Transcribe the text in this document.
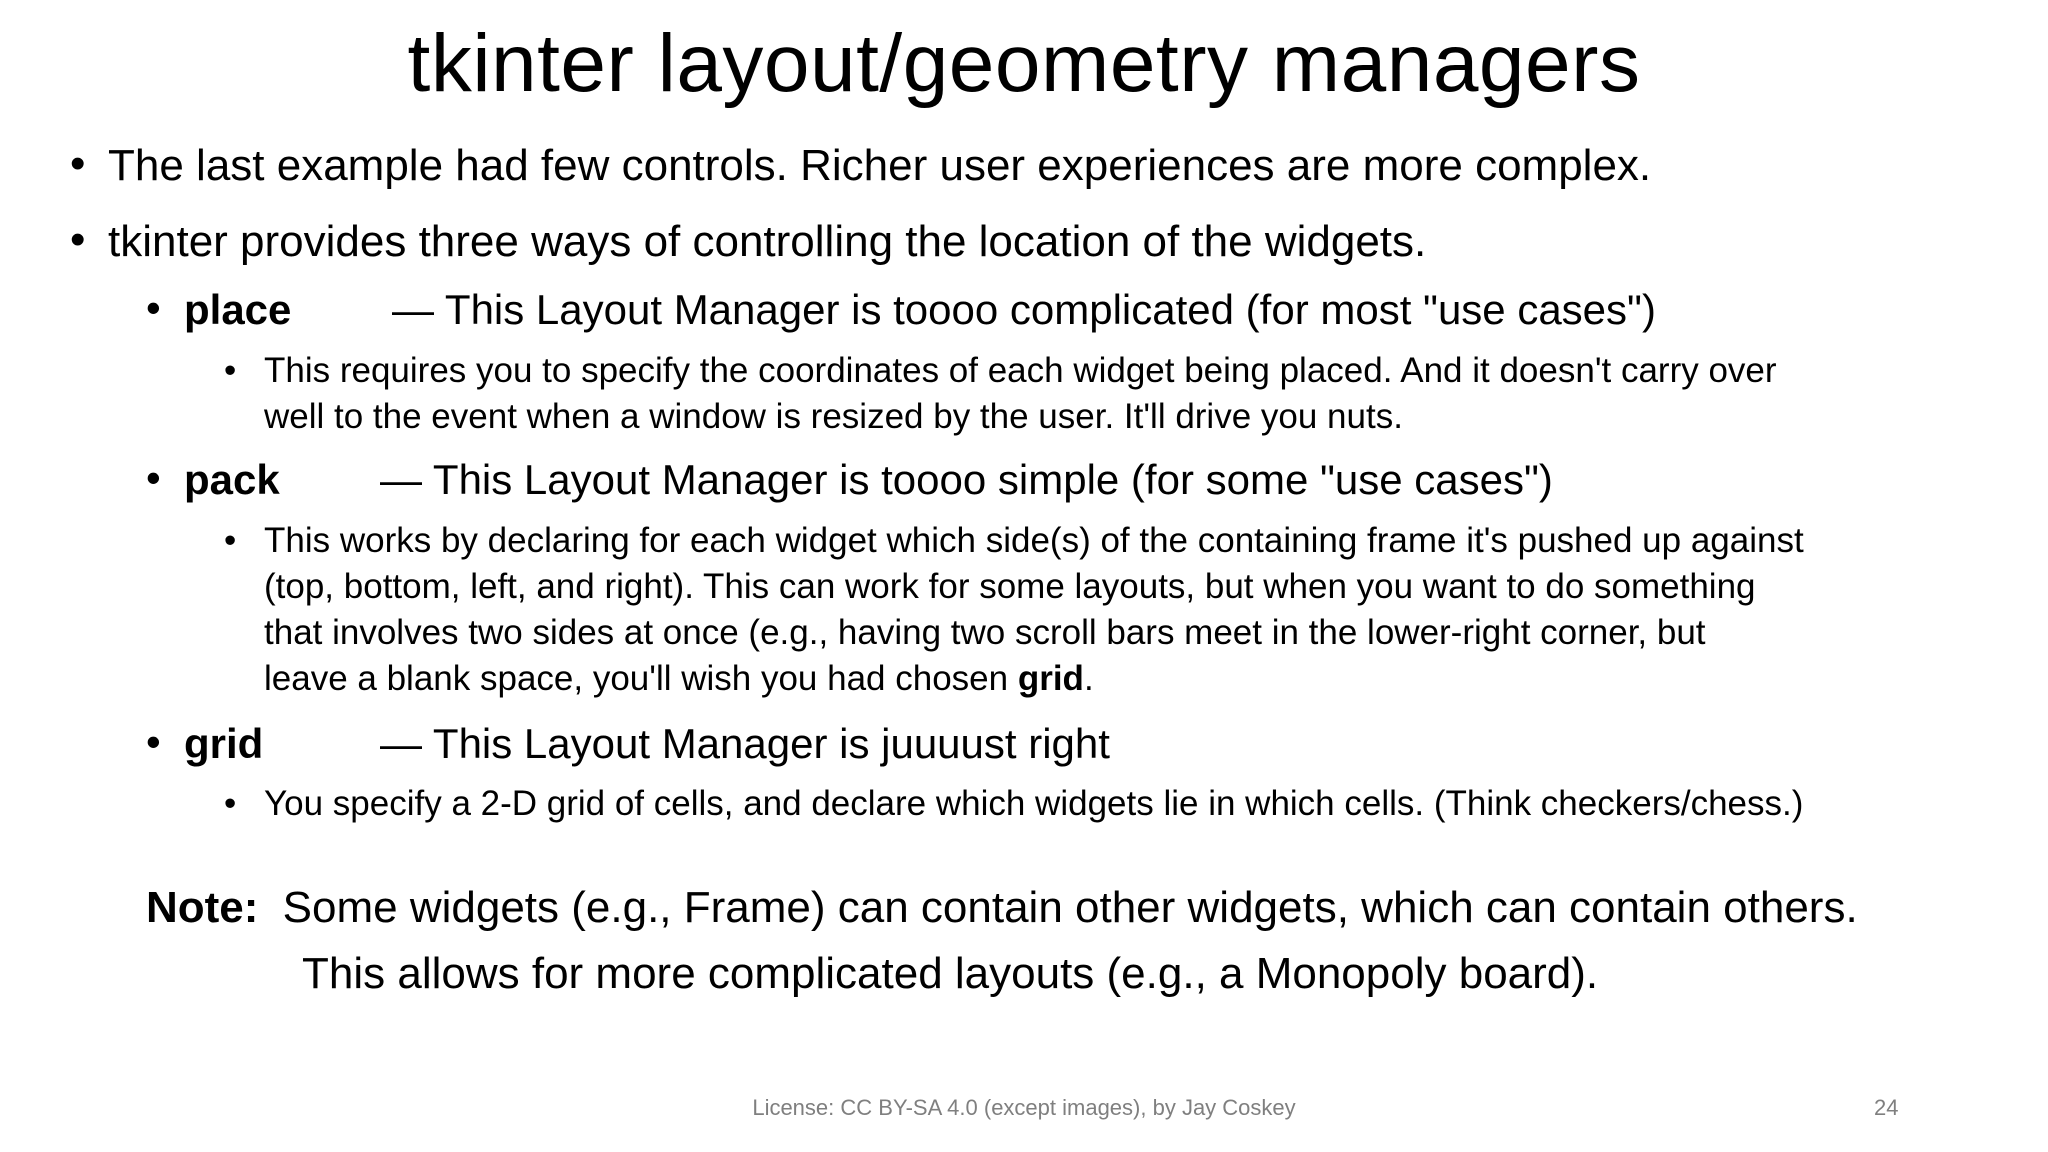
tkinter layout/geometry managers
• The last example had few controls. Richer user experiences are more complex.
• tkinter provides three ways of controlling the location of the widgets.
• place — This Layout Manager is toooo complicated (for most "use cases")
• This requires you to specify the coordinates of each widget being placed. And it doesn't carry over
well to the event when a window is resized by the user. It'll drive you nuts.
• pack — This Layout Manager is toooo simple (for some "use cases")
• This works by declaring for each widget which side(s) of the containing frame it's pushed up against
(top, bottom, left, and right). This can work for some layouts, but when you want to do something
that involves two sides at once (e.g., having two scroll bars meet in the lower-right corner, but
leave a blank space, you'll wish you had chosen grid.
• grid	— This Layout Manager is juuuust right
• You specify a 2-D grid of cells, and declare which widgets lie in which cells. (Think checkers/chess.)
Note: Some widgets (e.g., Frame) can contain other widgets, which can contain others.
This allows for more complicated layouts (e.g., a Monopoly board).
License: CC BY-SA 4.0 (except images), by Jay Coskey	24
